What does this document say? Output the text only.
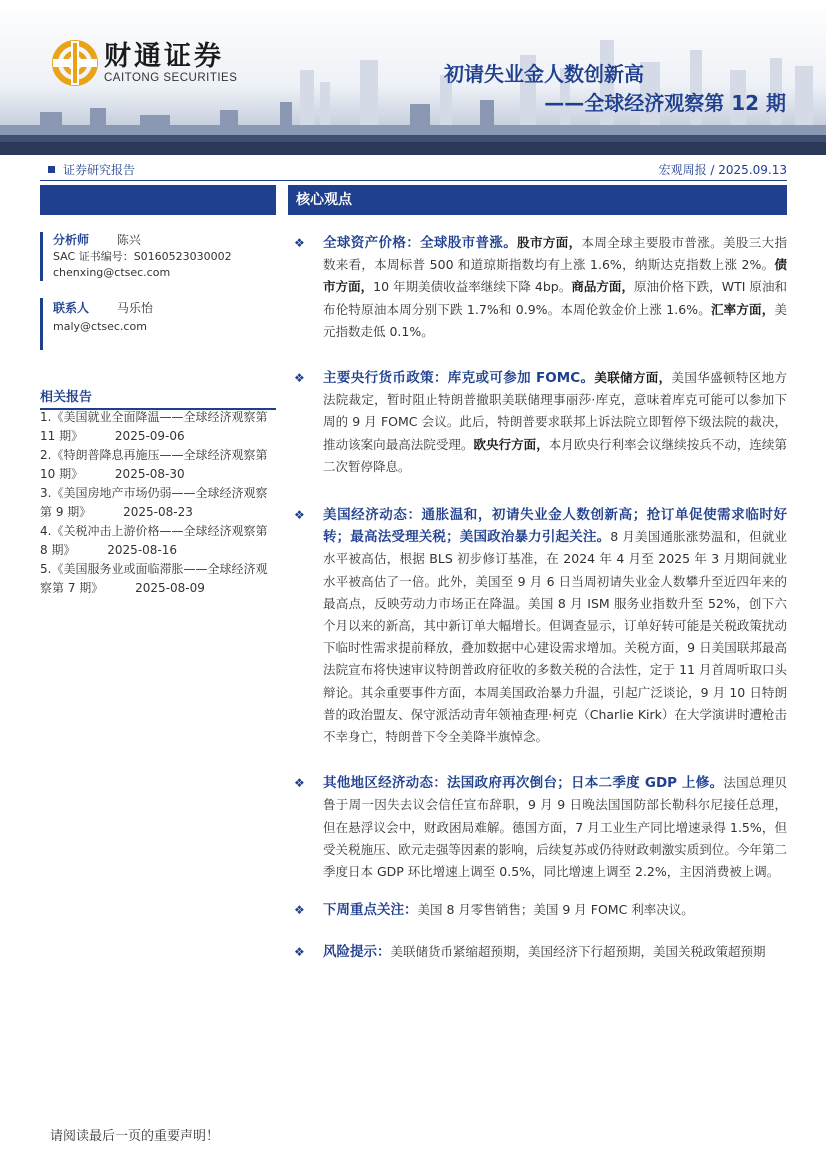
财通证券
CAITONG SECURITIES	初请失业金人数创新高
——全球经济观察第 12 期
证券研究报告	宏观周报 / 2025.09.13
分析师 陈兴
SAC 证书编号：S0160523030002
chenxing@ctsec.com
联系人 马乐怡
maly@ctsec.com
相关报告
1.《美国就业全面降温——全球经济观察第 11 期》	2025-09-06
2.《特朗普降息再施压——全球经济观察第 10 期》	2025-08-30
3.《美国房地产市场仍弱——全球经济观察第 9 期》	2025-08-23
4.《关税冲击上游价格——全球经济观察第 8 期》	2025-08-16
5.《美国服务业或面临滞胀——全球经济观察第 7 期》	2025-08-09
核心观点
❖ 全球资产价格：全球股市普涨。股市方面，本周全球主要股市普涨。美股三大指数来看，本周标普 500 和道琼斯指数均有上涨 1.6%，纳斯达克指数上涨 2%。债市方面，10 年期美债收益率继续下降 4bp。商品方面，原油价格下跌，WTI 原油和布伦特原油本周分别下跌 1.7%和 0.9%。本周伦敦金价上涨 1.6%。汇率方面，美元指数走低 0.1%。
❖ 主要央行货币政策：库克或可参加 FOMC。美联储方面，美国华盛顿特区地方法院裁定，暂时阻止特朗普撤职美联储理事丽莎·库克，意味着库克可能可以参加下周的 9 月 FOMC 会议。此后，特朗普要求联邦上诉法院立即暂停下级法院的裁决，推动该案向最高法院受理。欧央行方面，本月欧央行利率会议继续按兵不动，连续第二次暂停降息。
❖ 美国经济动态：通胀温和，初请失业金人数创新高；抢订单促使需求临时好转；最高法受理关税；美国政治暴力引起关注。8 月美国通胀涨势温和，但就业水平被高估，根据 BLS 初步修订基准，在 2024 年 4 月至 2025 年 3 月期间就业水平被高估了一倍。此外，美国至 9 月 6 日当周初请失业金人数攀升至近四年来的最高点，反映劳动力市场正在降温。美国 8 月 ISM 服务业指数升至 52%，创下六个月以来的新高，其中新订单大幅增长。但调查显示，订单好转可能是关税政策扰动下临时性需求提前释放，叠加数据中心建设需求增加。关税方面，9 日美国联邦最高法院宣布将快速审议特朗普政府征收的多数关税的合法性，定于 11 月首周听取口头辩论。其余重要事件方面，本周美国政治暴力升温，引起广泛谈论，9 月 10 日特朗普的政治盟友、保守派活动青年领袖查理·柯克（Charlie Kirk）在大学演讲时遭枪击不幸身亡，特朗普下令全美降半旗悼念。
❖ 其他地区经济动态：法国政府再次倒台；日本二季度 GDP 上修。法国总理贝鲁于周一因失去议会信任宣布辞职，9 月 9 日晚法国国防部长勒科尔尼接任总理，但在悬浮议会中，财政困局难解。德国方面，7 月工业生产同比增速录得 1.5%，但受关税施压、欧元走强等因素的影响，后续复苏或仍待财政刺激实质到位。今年第二季度日本 GDP 环比增速上调至 0.5%，同比增速上调至 2.2%，主因消费被上调。
❖ 下周重点关注：美国 8 月零售销售；美国 9 月 FOMC 利率决议。
❖ 风险提示：美联储货币紧缩超预期，美国经济下行超预期，美国关税政策超预期
请阅读最后一页的重要声明！
